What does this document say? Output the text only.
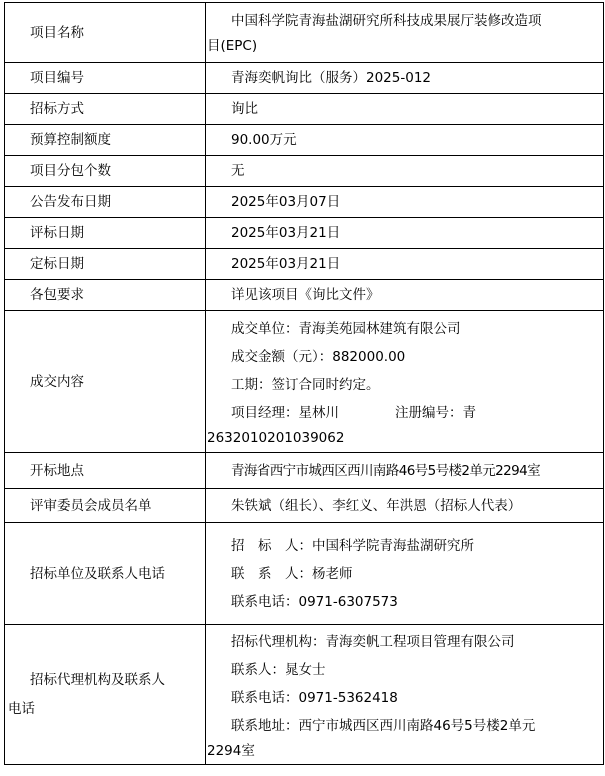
项目名称	中国科学院青海盐湖研究所科技成果展厅装修改造项
目(EPC)

项目编号	青海奕帆询比（服务）2025-012

招标方式	询比

预算控制额度	90.00万元

项目分包个数	无

公告发布日期	2025年03月07日

评标日期	2025年03月21日

定标日期	2025年03月21日

各包要求	详见该项目《询比文件》

成交内容	成交单位：青海美苑园林建筑有限公司
成交金额（元）：882000.00
工期：签订合同时约定。
项目经理：星林川 注册编号：青
2632010201039062

开标地点	青海省西宁市城西区西川南路46号5号楼2单元2294室

评审委员会成员名单	朱铁斌（组长）、李红义、年洪恩（招标人代表）

招标单位及联系人电话	招　标　人：中国科学院青海盐湖研究所
联　系　人：杨老师
联系电话：0971-6307573

招标代理机构及联系人
电话	招标代理机构：青海奕帆工程项目管理有限公司
联系人：晁女士
联系电话：0971-5362418
联系地址：西宁市城西区西川南路46号5号楼2单元
2294室
